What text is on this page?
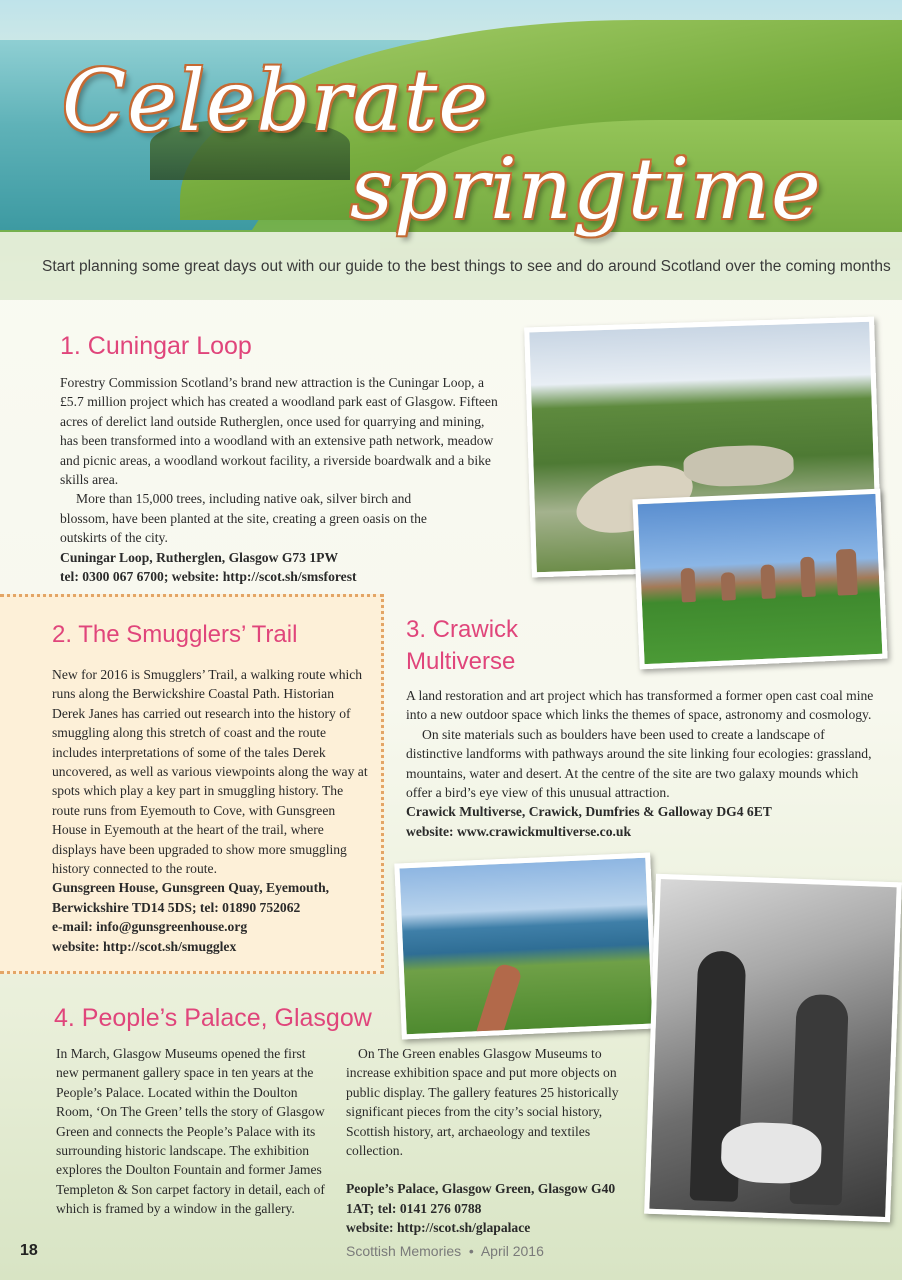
Celebrate
springtime
Start planning some great days out with our guide to the best things to see and do around Scotland over the coming months
1. Cuningar Loop

Forestry Commission Scotland’s brand new attraction is the Cuningar Loop, a £5.7 million project which has created a woodland park east of Glasgow. Fifteen acres of derelict land outside Rutherglen, once used for quarrying and mining, has been transformed into a woodland with an extensive path network, meadow and picnic areas, a woodland workout facility, a riverside boardwalk and a bike skills area.

More than 15,000 trees, including native oak, silver birch and blossom, have been planted at the site, creating a green oasis on the outskirts of the city.

Cuningar Loop, Rutherglen, Glasgow G73 1PW

tel: 0300 067 6700; website: http://scot.sh/smsforest

2. The Smugglers’ Trail

New for 2016 is Smugglers’ Trail, a walking route which runs along the Berwickshire Coastal Path. Historian Derek Janes has carried out research into the history of smuggling along this stretch of coast and the route includes interpretations of some of the tales Derek uncovered, as well as various viewpoints along the way at spots which play a key part in smuggling history. The route runs from Eyemouth to Cove, with Gunsgreen House in Eyemouth at the heart of the trail, where displays have been upgraded to show more smuggling history connected to the route.

Gunsgreen House, Gunsgreen Quay, Eyemouth, Berwickshire TD14 5DS; tel: 01890 752062

e-mail: info@gunsgreenhouse.org

website: http://scot.sh/smugglex

3. Crawick Multiverse

A land restoration and art project which has transformed a former open cast coal mine into a new outdoor space which links the themes of space, astronomy and cosmology.

On site materials such as boulders have been used to create a landscape of distinctive landforms with pathways around the site linking four ecologies: grassland, mountains, water and desert. At the centre of the site are two galaxy mounds which offer a bird’s eye view of this unusual attraction.

Crawick Multiverse, Crawick, Dumfries & Galloway DG4 6ET

website: www.crawickmultiverse.co.uk

4. People’s Palace, Glasgow

In March, Glasgow Museums opened the first new permanent gallery space in ten years at the People’s Palace. Located within the Doulton Room, ‘On The Green’ tells the story of Glasgow Green and connects the People’s Palace with its surrounding historic landscape. The exhibition explores the Doulton Fountain and former James Templeton & Son carpet factory in detail, each of which is framed by a window in the gallery.

On The Green enables Glasgow Museums to increase exhibition space and put more objects on public display. The gallery features 25 historically significant pieces from the city’s social history, Scottish history, art, archaeology and textiles collection.

People’s Palace, Glasgow Green, Glasgow G40 1AT; tel: 0141 276 0788

website: http://scot.sh/glapalace

18	Scottish Memories  •  April 2016
